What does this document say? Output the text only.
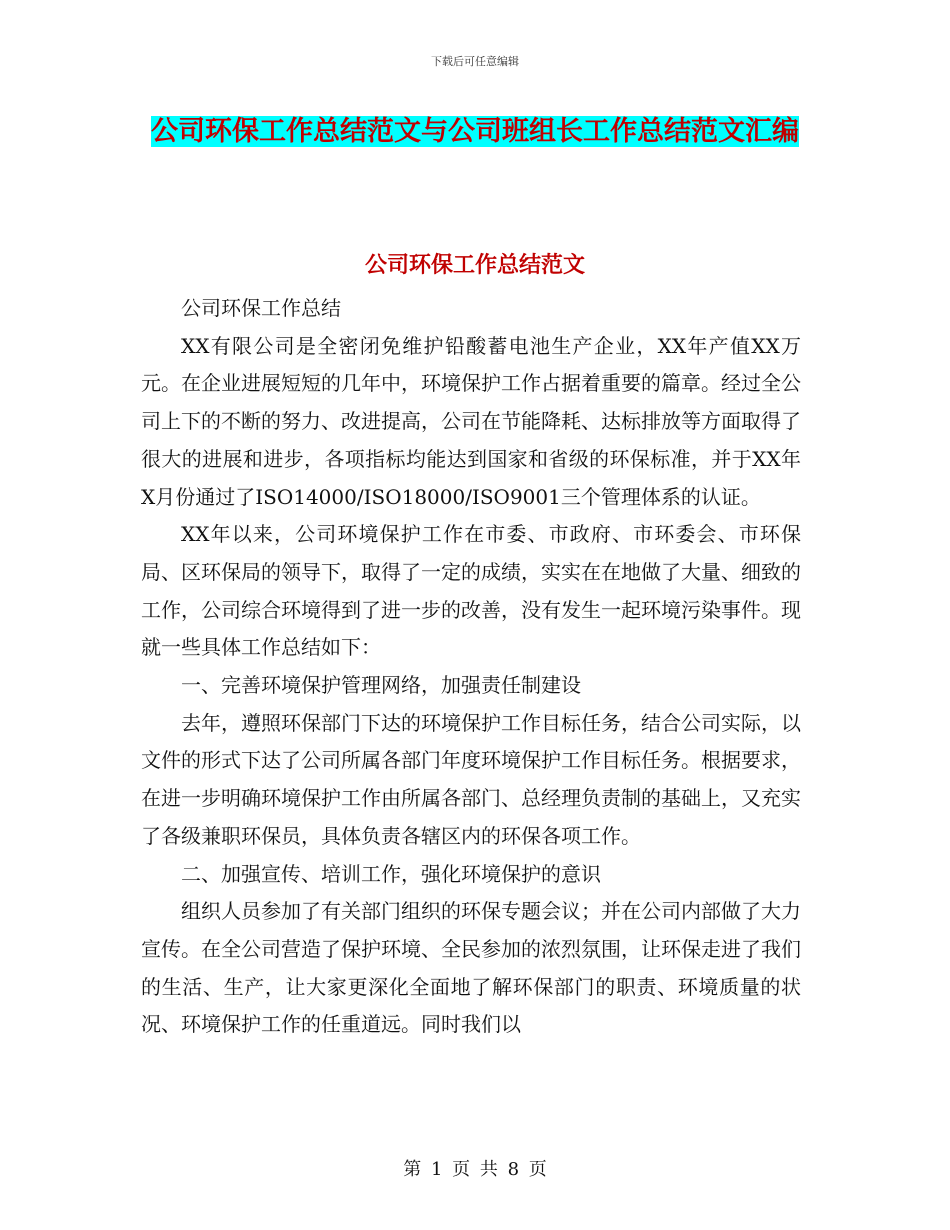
下载后可任意编辑
公司环保工作总结范文与公司班组长工作总结范文汇编
公司环保工作总结范文

公司环保工作总结

XX有限公司是全密闭免维护铅酸蓄电池生产企业，XX年产值XX万元。在企业进展短短的几年中，环境保护工作占据着重要的篇章。经过全公司上下的不断的努力、改进提高，公司在节能降耗、达标排放等方面取得了很大的进展和进步，各项指标均能达到国家和省级的环保标准，并于XX年X月份通过了ISO14000/ISO18000/ISO9001三个管理体系的认证。

XX年以来，公司环境保护工作在市委、市政府、市环委会、市环保局、区环保局的领导下，取得了一定的成绩，实实在在地做了大量、细致的工作，公司综合环境得到了进一步的改善，没有发生一起环境污染事件。现就一些具体工作总结如下：

一、完善环境保护管理网络，加强责任制建设

去年，遵照环保部门下达的环境保护工作目标任务，结合公司实际，以文件的形式下达了公司所属各部门年度环境保护工作目标任务。根据要求，在进一步明确环境保护工作由所属各部门、总经理负责制的基础上，又充实了各级兼职环保员，具体负责各辖区内的环保各项工作。

二、加强宣传、培训工作，强化环境保护的意识

组织人员参加了有关部门组织的环保专题会议；并在公司内部做了大力宣传。在全公司营造了保护环境、全民参加的浓烈氛围，让环保走进了我们的生活、生产，让大家更深化全面地了解环保部门的职责、环境质量的状况、环境保护工作的任重道远。同时我们以

第 1 页 共 8 页
